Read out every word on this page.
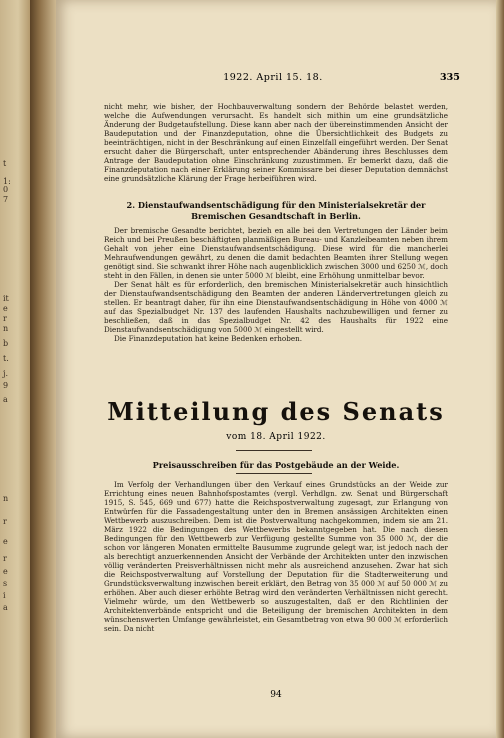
t
1:
0
7
it
e
r
n
b
t.
j.
9
a
n
r
e
r
e
s
i
a
1922. April 15. 18.	335

nicht mehr, wie bisher, der Hochbauverwaltung sondern der Behörde belastet werden, welche die Aufwendungen verursacht. Es handelt sich mithin um eine grundsätzliche Änderung der Budgetaufstellung. Diese kann aber nach der übereinstimmenden Ansicht der Baudeputation und der Finanzdeputation, ohne die Übersichtlichkeit des Budgets zu beeinträchtigen, nicht in der Beschränkung auf einen Einzelfall eingeführt werden. Der Senat ersucht daher die Bürgerschaft, unter entsprechender Abänderung ihres Beschlusses dem Antrage der Baudeputation ohne Einschränkung zuzustimmen. Er bemerkt dazu, daß die Finanzdeputation nach einer Erklärung seiner Kommissare bei dieser Deputation demnächst eine grundsätzliche Klärung der Frage herbeiführen wird.

2. Dienstaufwandsentschädigung für den Ministerialsekretär der
Bremischen Gesandtschaft in Berlin.

Der bremische Gesandte berichtet, bezieh en alle bei den Vertretungen der Länder beim Reich und bei Preußen beschäftigten planmäßigen Bureau- und Kanzleibeamten neben ihrem Gehalt von jeher eine Dienstaufwandsentschädigung. Diese wird für die mancherlei Mehraufwendungen gewährt, zu denen die damit bedachten Beamten ihrer Stellung wegen genötigt sind. Sie schwankt ihrer Höhe nach augenblicklich zwischen 3000 und 6250 ℳ, doch steht in den Fällen, in denen sie unter 5000 ℳ bleibt, eine Erhöhung unmittelbar bevor.

Der Senat hält es für erforderlich, den bremischen Ministerialsekretär auch hinsichtlich der Dienstaufwandsentschädigung den Beamten der anderen Ländervertretungen gleich zu stellen. Er beantragt daher, für ihn eine Dienstaufwandsentschädigung in Höhe von 4000 ℳ auf das Spezialbudget Nr. 137 des laufenden Haushalts nachzubewilligen und ferner zu beschließen, daß in das Spezialbudget Nr. 42 des Haushalts für 1922 eine Dienstaufwandsentschädigung von 5000 ℳ eingestellt wird.

Die Finanzdeputation hat keine Bedenken erhoben.

Mitteilung des Senats
vom 18. April 1922.
Preisausschreiben für das Postgebäude an der Weide.

Im Verfolg der Verhandlungen über den Verkauf eines Grundstücks an der Weide zur Errichtung eines neuen Bahnhofspostamtes (vergl. Verhdlgn. zw. Senat und Bürgerschaft 1915, S. 545, 669 und 677) hatte die Reichspostverwaltung zugesagt, zur Erlangung von Entwürfen für die Fassadengestaltung unter den in Bremen ansässigen Architekten einen Wettbewerb auszuschreiben. Dem ist die Postverwaltung nachgekommen, indem sie am 21. März 1922 die Bedingungen des Wettbewerbs bekanntgegeben hat. Die nach diesen Bedingungen für den Wettbewerb zur Verfügung gestellte Summe von 35 000 ℳ, der die schon vor längeren Monaten ermittelte Bausumme zugrunde gelegt war, ist jedoch nach der als berechtigt anzuerkennenden Ansicht der Verbände der Architekten unter den inzwischen völlig veränderten Preisverhältnissen nicht mehr als ausreichend anzusehen. Zwar hat sich die Reichspostverwaltung auf Vorstellung der Deputation für die Stadterweiterung und Grundstücksverwaltung inzwischen bereit erklärt, den Betrag von 35 000 ℳ auf 50 000 ℳ zu erhöhen. Aber auch dieser erhöhte Betrag wird den veränderten Verhältnissen nicht gerecht. Vielmehr würde, um den Wettbewerb so auszugestalten, daß er den Richtlinien der Architektenverbände entspricht und die Beteiligung der bremischen Architekten in dem wünschenswerten Umfange gewährleistet, ein Gesamtbetrag von etwa 90 000 ℳ erforderlich sein. Da nicht

94
